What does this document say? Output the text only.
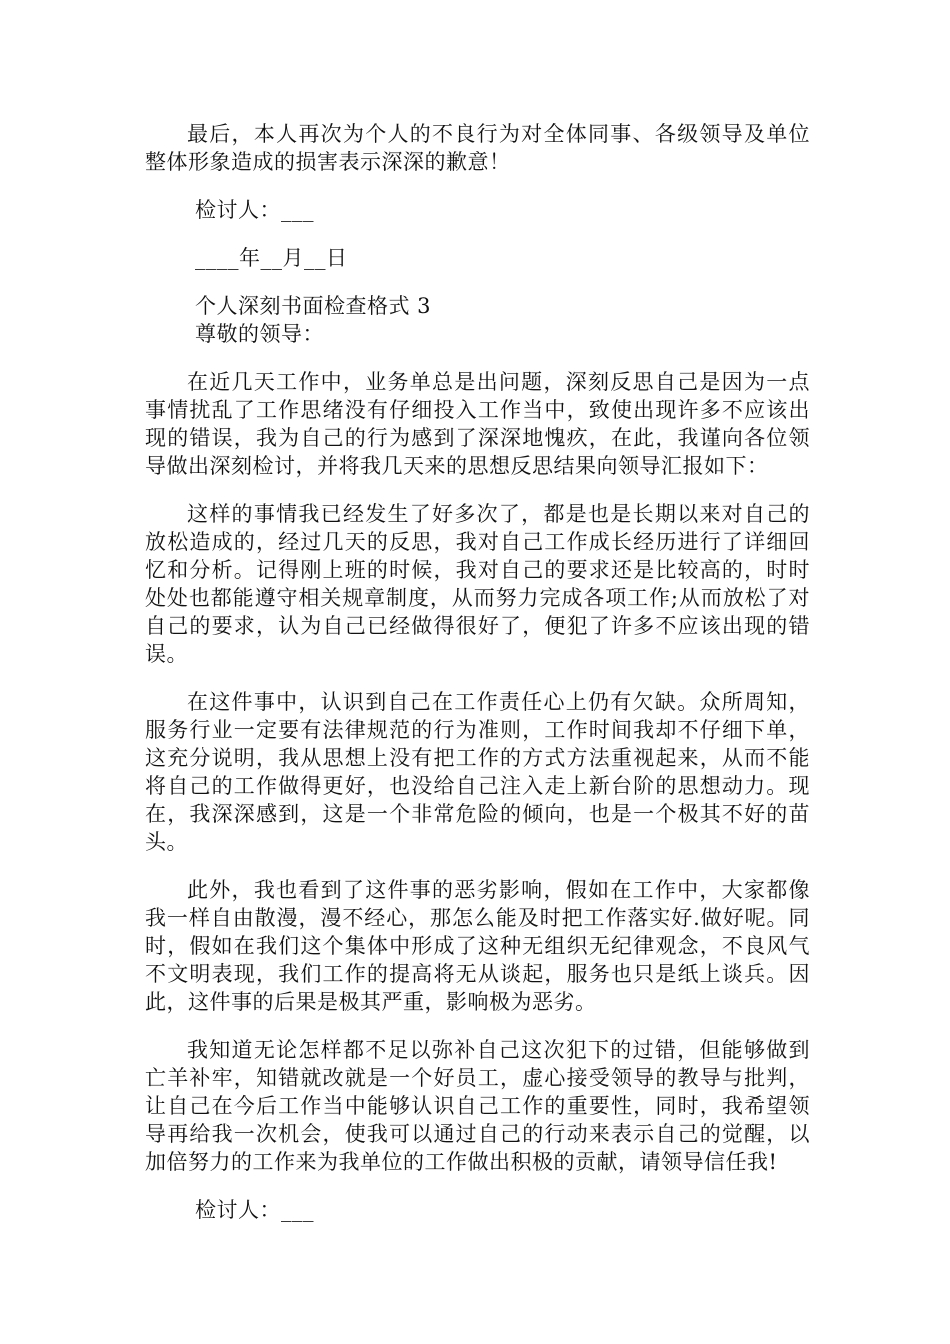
最后，本人再次为个人的不良行为对全体同事、各级领导及单位整体形象造成的损害表示深深的歉意！

检讨人：___

____年__月__日

个人深刻书面检查格式 3

尊敬的领导：

在近几天工作中，业务单总是出问题，深刻反思自己是因为一点事情扰乱了工作思绪没有仔细投入工作当中，致使出现许多不应该出现的错误，我为自己的行为感到了深深地愧疚，在此，我谨向各位领导做出深刻检讨，并将我几天来的思想反思结果向领导汇报如下：

这样的事情我已经发生了好多次了，都是也是长期以来对自己的放松造成的，经过几天的反思，我对自己工作成长经历进行了详细回忆和分析。记得刚上班的时候，我对自己的要求还是比较高的，时时处处也都能遵守相关规章制度，从而努力完成各项工作;从而放松了对自己的要求，认为自己已经做得很好了，便犯了许多不应该出现的错误。

在这件事中，认识到自己在工作责任心上仍有欠缺。众所周知，服务行业一定要有法律规范的行为准则，工作时间我却不仔细下单，这充分说明，我从思想上没有把工作的方式方法重视起来，从而不能将自己的工作做得更好，也没给自己注入走上新台阶的思想动力。现在，我深深感到，这是一个非常危险的倾向，也是一个极其不好的苗头。

此外，我也看到了这件事的恶劣影响，假如在工作中，大家都像我一样自由散漫，漫不经心，那怎么能及时把工作落实好.做好呢。同时，假如在我们这个集体中形成了这种无组织无纪律观念，不良风气不文明表现，我们工作的提高将无从谈起，服务也只是纸上谈兵。因此，这件事的后果是极其严重，影响极为恶劣。

我知道无论怎样都不足以弥补自己这次犯下的过错，但能够做到亡羊补牢，知错就改就是一个好员工，虚心接受领导的教导与批判，让自己在今后工作当中能够认识自己工作的重要性，同时，我希望领导再给我一次机会，使我可以通过自己的行动来表示自己的觉醒，以加倍努力的工作来为我单位的工作做出积极的贡献，请领导信任我!

检讨人：___
